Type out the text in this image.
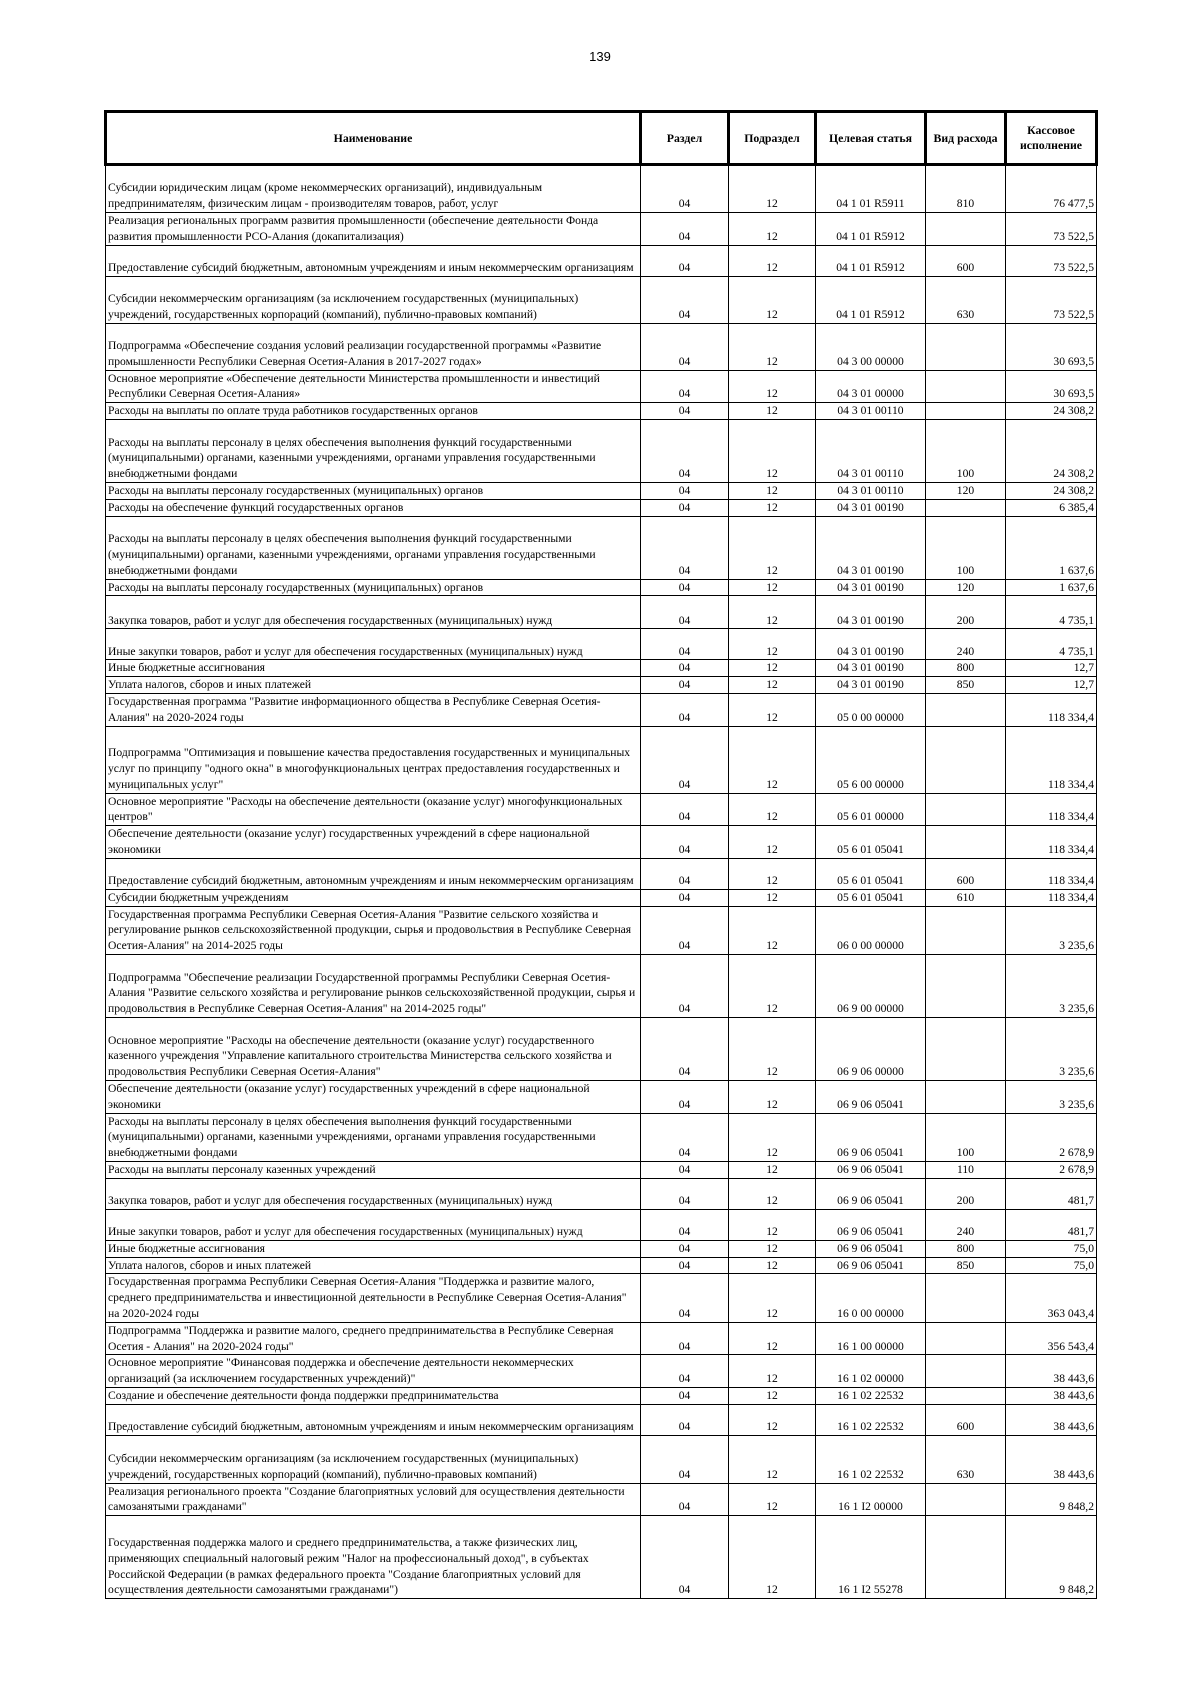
139
Наименование	Раздел	Подраздел	Целевая статья	Вид расхода	Кассовое исполнение
Субсидии юридическим лицам (кроме некоммерческих организаций), индивидуальным предпринимателям, физическим лицам - производителям товаров, работ, услуг	04	12	04 1 01 R5911	810	76 477,5
Реализация региональных программ развития промышленности (обеспечение деятельности Фонда развития промышленности РСО-Алания (докапитализация)	04	12	04 1 01 R5912		73 522,5
Предоставление субсидий бюджетным, автономным учреждениям и иным некоммерческим организациям	04	12	04 1 01 R5912	600	73 522,5
Субсидии некоммерческим организациям (за исключением государственных (муниципальных) учреждений, государственных корпораций (компаний), публично-правовых компаний)	04	12	04 1 01 R5912	630	73 522,5
Подпрограмма «Обеспечение создания условий реализации государственной программы «Развитие промышленности Республики Северная Осетия-Алания в 2017-2027 годах»	04	12	04 3 00 00000		30 693,5
Основное мероприятие «Обеспечение деятельности Министерства промышленности и инвестиций Республики Северная Осетия-Алания»	04	12	04 3 01 00000		30 693,5
Расходы на выплаты по оплате труда работников государственных органов	04	12	04 3 01 00110		24 308,2
Расходы на выплаты персоналу в целях обеспечения выполнения функций государственными (муниципальными) органами, казенными учреждениями, органами управления государственными внебюджетными фондами	04	12	04 3 01 00110	100	24 308,2
Расходы на выплаты персоналу государственных (муниципальных) органов	04	12	04 3 01 00110	120	24 308,2
Расходы на обеспечение функций государственных органов	04	12	04 3 01 00190		6 385,4
Расходы на выплаты персоналу в целях обеспечения выполнения функций государственными (муниципальными) органами, казенными учреждениями, органами управления государственными внебюджетными фондами	04	12	04 3 01 00190	100	1 637,6
Расходы на выплаты персоналу государственных (муниципальных) органов	04	12	04 3 01 00190	120	1 637,6
Закупка товаров, работ и услуг для обеспечения государственных (муниципальных) нужд	04	12	04 3 01 00190	200	4 735,1
Иные закупки товаров, работ и услуг для обеспечения государственных (муниципальных) нужд	04	12	04 3 01 00190	240	4 735,1
Иные бюджетные ассигнования	04	12	04 3 01 00190	800	12,7
Уплата налогов, сборов и иных платежей	04	12	04 3 01 00190	850	12,7
Государственная программа "Развитие информационного общества в Республике Северная Осетия-Алания" на 2020-2024 годы	04	12	05 0 00 00000		118 334,4
Подпрограмма "Оптимизация и повышение качества предоставления государственных и муниципальных услуг по принципу "одного окна" в многофункциональных центрах предоставления государственных и муниципальных услуг"	04	12	05 6 00 00000		118 334,4
Основное мероприятие "Расходы на обеспечение деятельности (оказание услуг) многофункциональных центров"	04	12	05 6 01 00000		118 334,4
Обеспечение деятельности (оказание услуг) государственных учреждений в сфере национальной экономики	04	12	05 6 01 05041		118 334,4
Предоставление субсидий бюджетным, автономным учреждениям и иным некоммерческим организациям	04	12	05 6 01 05041	600	118 334,4
Субсидии бюджетным учреждениям	04	12	05 6 01 05041	610	118 334,4
Государственная программа Республики Северная Осетия-Алания "Развитие сельского хозяйства и регулирование рынков сельскохозяйственной продукции, сырья и продовольствия в Республике Северная Осетия-Алания" на 2014-2025 годы	04	12	06 0 00 00000		3 235,6
Подпрограмма "Обеспечение реализации Государственной программы Республики Северная Осетия-Алания "Развитие сельского хозяйства и регулирование рынков сельскохозяйственной продукции, сырья и продовольствия в Республике Северная Осетия-Алания" на 2014-2025 годы"	04	12	06 9 00 00000		3 235,6
Основное мероприятие "Расходы на обеспечение деятельности (оказание услуг) государственного казенного учреждения "Управление капитального строительства Министерства сельского хозяйства и продовольствия Республики Северная Осетия-Алания"	04	12	06 9 06 00000		3 235,6
Обеспечение деятельности (оказание услуг) государственных учреждений в сфере национальной экономики	04	12	06 9 06 05041		3 235,6
Расходы на выплаты персоналу в целях обеспечения выполнения функций государственными (муниципальными) органами, казенными учреждениями, органами управления государственными внебюджетными фондами	04	12	06 9 06 05041	100	2 678,9
Расходы на выплаты персоналу казенных учреждений	04	12	06 9 06 05041	110	2 678,9
Закупка товаров, работ и услуг для обеспечения государственных (муниципальных) нужд	04	12	06 9 06 05041	200	481,7
Иные закупки товаров, работ и услуг для обеспечения государственных (муниципальных) нужд	04	12	06 9 06 05041	240	481,7
Иные бюджетные ассигнования	04	12	06 9 06 05041	800	75,0
Уплата налогов, сборов и иных платежей	04	12	06 9 06 05041	850	75,0
Государственная программа Республики Северная Осетия-Алания "Поддержка и развитие малого, среднего предпринимательства и инвестиционной деятельности в Республике Северная Осетия-Алания" на 2020-2024 годы	04	12	16 0 00 00000		363 043,4
Подпрограмма "Поддержка и развитие малого, среднего предпринимательства в Республике Северная Осетия - Алания" на 2020-2024 годы"	04	12	16 1 00 00000		356 543,4
Основное мероприятие "Финансовая поддержка и обеспечение деятельности некоммерческих организаций (за исключением государственных учреждений)"	04	12	16 1 02 00000		38 443,6
Создание и обеспечение деятельности фонда поддержки предпринимательства	04	12	16 1 02 22532		38 443,6
Предоставление субсидий бюджетным, автономным учреждениям и иным некоммерческим организациям	04	12	16 1 02 22532	600	38 443,6
Субсидии некоммерческим организациям (за исключением государственных (муниципальных) учреждений, государственных корпораций (компаний), публично-правовых компаний)	04	12	16 1 02 22532	630	38 443,6
Реализация регионального проекта "Создание благоприятных условий для осуществления деятельности самозанятыми гражданами"	04	12	16 1 I2 00000		9 848,2
Государственная поддержка малого и среднего предпринимательства, а также физических лиц, применяющих специальный налоговый режим "Налог на профессиональный доход", в субъектах Российской Федерации (в рамках федерального проекта "Создание благоприятных условий для осуществления деятельности самозанятыми гражданами")	04	12	16 1 I2 55278		9 848,2
